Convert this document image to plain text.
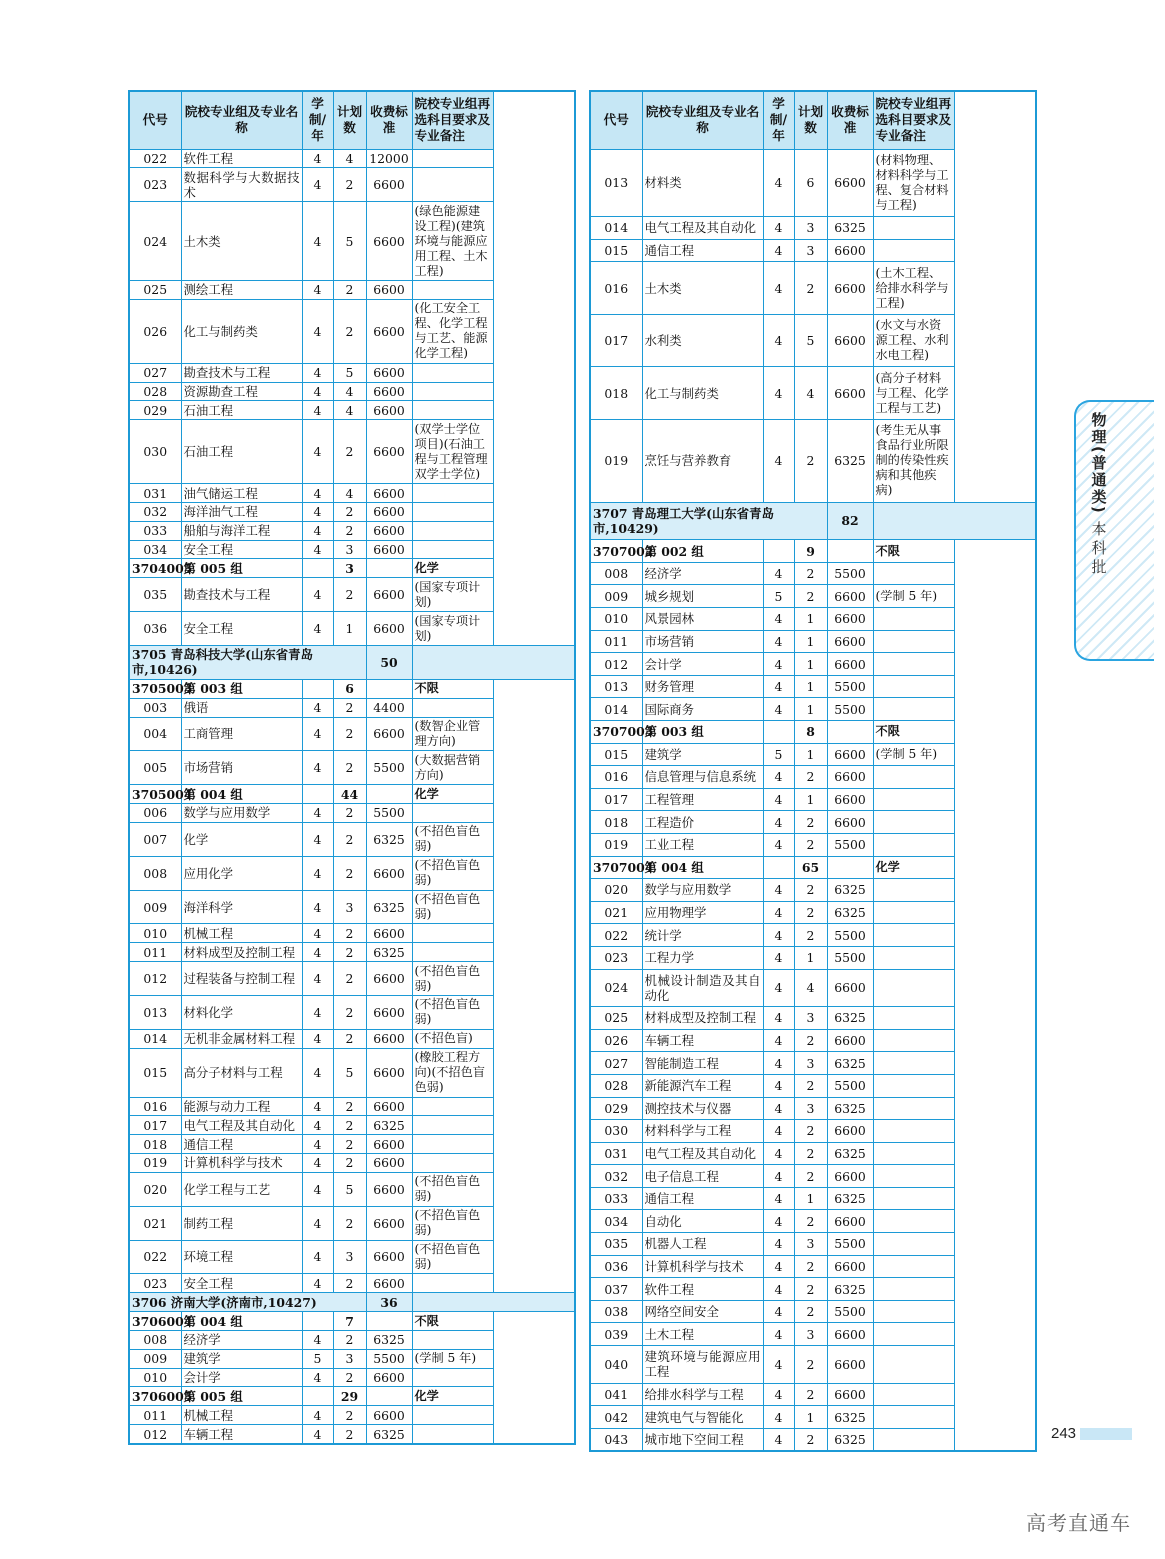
代号	院校专业组及专业名称	学制/年	计划数	收费标准	院校专业组再选科目要求及专业备注
022	软件工程	4	4	12000	
023	数据科学与大数据技术	4	2	6600	
024	土木类	4	5	6600	(绿色能源建设工程)(建筑环境与能源应用工程、土木工程)
025	测绘工程	4	2	6600	
026	化工与制药类	4	2	6600	(化工安全工程、化学工程与工艺、能源化学工程)
027	勘查技术与工程	4	5	6600	
028	资源勘查工程	4	4	6600	
029	石油工程	4	4	6600	
030	石油工程	4	2	6600	(双学士学位项目)(石油工程与工程管理双学士学位)
031	油气储运工程	4	4	6600	
032	海洋油气工程	4	2	6600	
033	船舶与海洋工程	4	2	6600	
034	安全工程	4	3	6600	
3704005	第 005 组		3		化学
035	勘查技术与工程	4	2	6600	(国家专项计划)
036	安全工程	4	1	6600	(国家专项计划)
3705 青岛科技大学(山东省青岛市,10426)				50	
3705003	第 003 组		6		不限
003	俄语	4	2	4400	
004	工商管理	4	2	6600	(数智企业管理方向)
005	市场营销	4	2	5500	(大数据营销方向)
3705004	第 004 组		44		化学
006	数学与应用数学	4	2	5500	
007	化学	4	2	6325	(不招色盲色弱)
008	应用化学	4	2	6600	(不招色盲色弱)
009	海洋科学	4	3	6325	(不招色盲色弱)
010	机械工程	4	2	6600	
011	材料成型及控制工程	4	2	6325	
012	过程装备与控制工程	4	2	6600	(不招色盲色弱)
013	材料化学	4	2	6600	(不招色盲色弱)
014	无机非金属材料工程	4	2	6600	(不招色盲)
015	高分子材料与工程	4	5	6600	(橡胶工程方向)(不招色盲色弱)
016	能源与动力工程	4	2	6600	
017	电气工程及其自动化	4	2	6325	
018	通信工程	4	2	6600	
019	计算机科学与技术	4	2	6600	
020	化学工程与工艺	4	5	6600	(不招色盲色弱)
021	制药工程	4	2	6600	(不招色盲色弱)
022	环境工程	4	3	6600	(不招色盲色弱)
023	安全工程	4	2	6600	
3706 济南大学(济南市,10427)				36	
3706004	第 004 组		7		不限
008	经济学	4	2	6325	
009	建筑学	5	3	5500	(学制 5 年)
010	会计学	4	2	6600	
3706005	第 005 组		29		化学
011	机械工程	4	2	6600	
012	车辆工程	4	2	6325	
代号	院校专业组及专业名称	学制/年	计划数	收费标准	院校专业组再选科目要求及专业备注
013	材料类	4	6	6600	(材料物理、材料科学与工程、复合材料与工程)
014	电气工程及其自动化	4	3	6325	
015	通信工程	4	3	6600	
016	土木类	4	2	6600	(土木工程、给排水科学与工程)
017	水利类	4	5	6600	(水文与水资源工程、水利水电工程)
018	化工与制药类	4	4	6600	(高分子材料与工程、化学工程与工艺)
019	烹饪与营养教育	4	2	6325	(考生无从事食品行业所限制的传染性疾病和其他疾病)
3707 青岛理工大学(山东省青岛市,10429)				82	
3707002	第 002 组		9		不限
008	经济学	4	2	5500	
009	城乡规划	5	2	6600	(学制 5 年)
010	风景园林	4	1	6600	
011	市场营销	4	1	6600	
012	会计学	4	1	6600	
013	财务管理	4	1	5500	
014	国际商务	4	1	5500	
3707003	第 003 组		8		不限
015	建筑学	5	1	6600	(学制 5 年)
016	信息管理与信息系统	4	2	6600	
017	工程管理	4	1	6600	
018	工程造价	4	2	6600	
019	工业工程	4	2	5500	
3707004	第 004 组		65		化学
020	数学与应用数学	4	2	6325	
021	应用物理学	4	2	6325	
022	统计学	4	2	5500	
023	工程力学	4	1	5500	
024	机械设计制造及其自动化	4	4	6600	
025	材料成型及控制工程	4	3	6325	
026	车辆工程	4	2	6600	
027	智能制造工程	4	3	6325	
028	新能源汽车工程	4	2	5500	
029	测控技术与仪器	4	3	6325	
030	材料科学与工程	4	2	6600	
031	电气工程及其自动化	4	2	6325	
032	电子信息工程	4	2	6600	
033	通信工程	4	1	6325	
034	自动化	4	2	6600	
035	机器人工程	4	3	5500	
036	计算机科学与技术	4	2	6600	
037	软件工程	4	2	6325	
038	网络空间安全	4	2	5500	
039	土木工程	4	3	6600	
040	建筑环境与能源应用工程	4	2	6600	
041	给排水科学与工程	4	2	6600	
042	建筑电气与智能化	4	1	6325	
043	城市地下空间工程	4	2	6325	
物理(普通类)
本科批
243
高考直通车
